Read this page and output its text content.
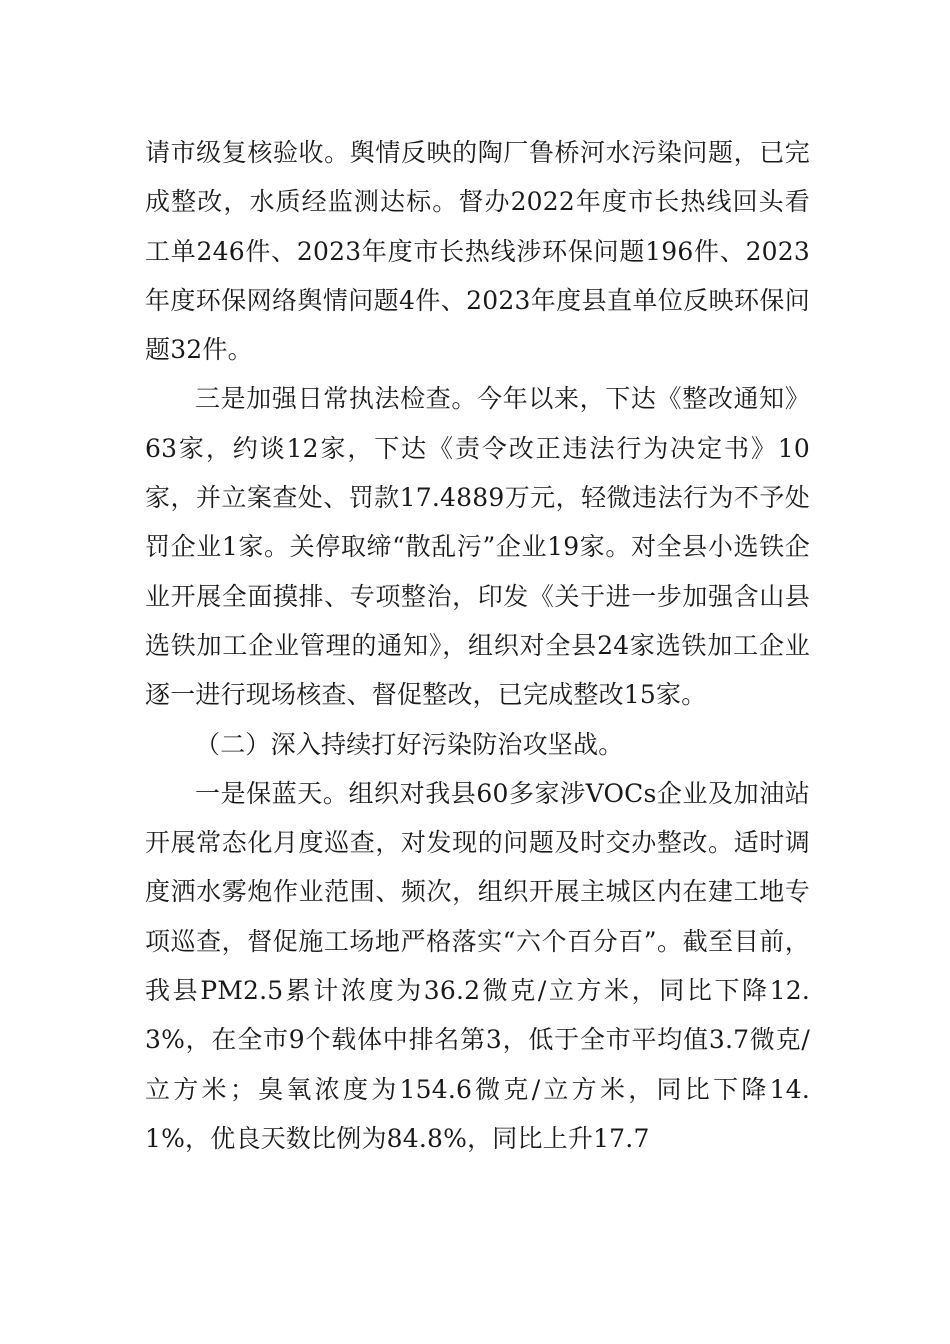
请市级复核验收。舆情反映的陶厂鲁桥河水污染问题，已完成整改，水质经监测达标。督办2022年度市长热线回头看工单246件、2023年度市长热线涉环保问题196件、2023年度环保网络舆情问题4件、2023年度县直单位反映环保问题32件。

三是加强日常执法检查。今年以来，下达《整改通知》63家，约谈12家，下达《责令改正违法行为决定书》10家，并立案查处、罚款17.4889万元，轻微违法行为不予处罚企业1家。关停取缔“散乱污”企业19家。对全县小选铁企业开展全面摸排、专项整治，印发《关于进一步加强含山县选铁加工企业管理的通知》，组织对全县24家选铁加工企业逐一进行现场核查、督促整改，已完成整改15家。

（二）深入持续打好污染防治攻坚战。

一是保蓝天。组织对我县60多家涉VOCs企业及加油站开展常态化月度巡查，对发现的问题及时交办整改。适时调度洒水雾炮作业范围、频次，组织开展主城区内在建工地专项巡查，督促施工场地严格落实“六个百分百”。截至目前，我县PM2.5累计浓度为36.2微克/立方米，同比下降12.3%，在全市9个载体中排名第3，低于全市平均值3.7微克/立方米；臭氧浓度为154.6微克/立方米，同比下降14.1%，优良天数比例为84.8%，同比上升17.7
